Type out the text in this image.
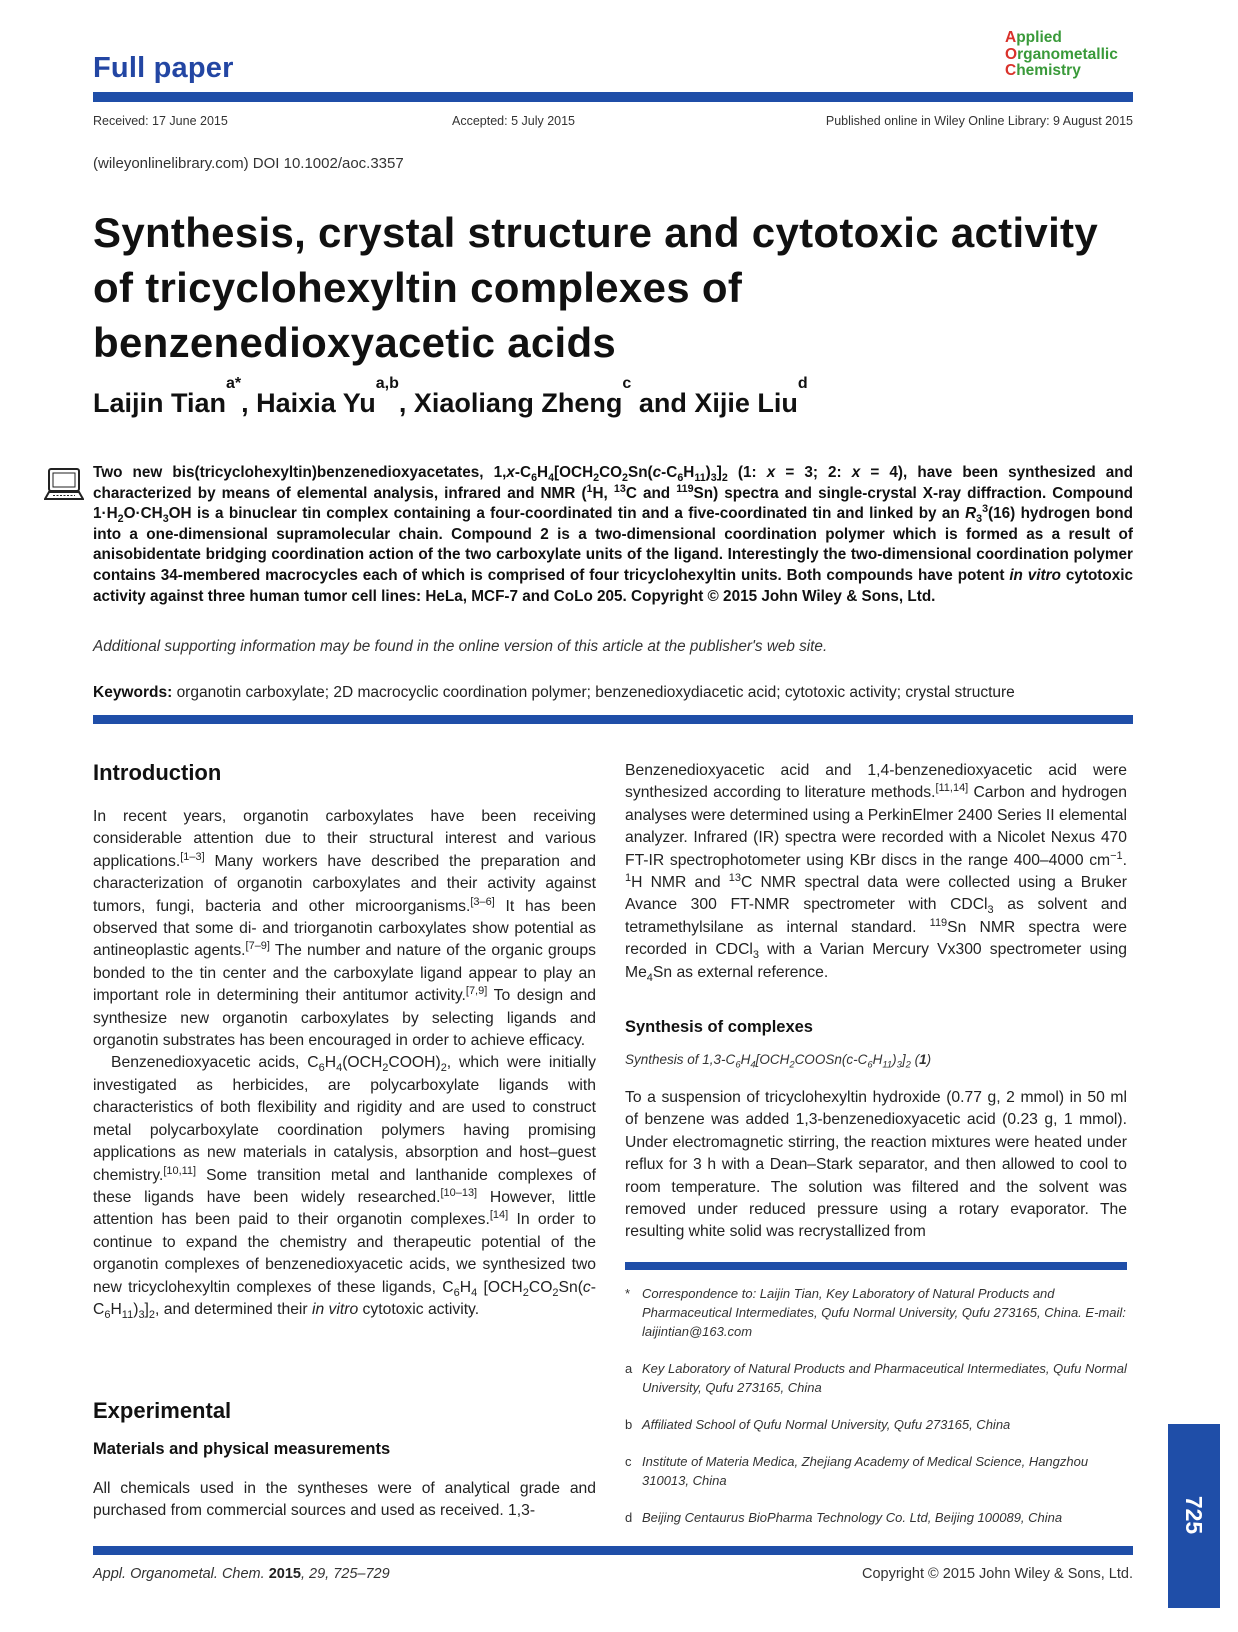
Full paper
Applied
Organometallic
Chemistry
Received: 17 June 2015	Accepted: 5 July 2015	Published online in Wiley Online Library: 9 August 2015
(wileyonlinelibrary.com) DOI 10.1002/aoc.3357
Synthesis, crystal structure and cytotoxic activity of tricyclohexyltin complexes of benzenedioxyacetic acids
Laijin Tian$^{a*}$, Haixia Yu$^{a,b}$, Xiaoliang Zheng$^c$ and Xijie Liu$^d$
Two new bis(tricyclohexyltin)benzenedioxyacetates, $1,x-C_6H_4[OCH_2CO_2Sn(c-C_6H_{11})_3]_2$ (1: x = 3; 2: x = 4), have been synthesized and characterized by means of elemental analysis, infrared and NMR ($^1$H, $^{13}$C and $^{119}$Sn) spectra and single-crystal X-ray diffraction. Compound $1\cdot H_2O\cdot CH_3OH$ is a binuclear tin complex containing a four-coordinated tin and a five-coordinated tin and linked by an $R_3^3(16)$ hydrogen bond into a one-dimensional supramolecular chain. Compound 2 is a two-dimensional coordination polymer which is formed as a result of anisobidentate bridging coordination action of the two carboxylate units of the ligand. Interestingly the two-dimensional coordination polymer contains 34-membered macrocycles each of which is comprised of four tricyclohexyltin units. Both compounds have potent in vitro cytotoxic activity against three human tumor cell lines: HeLa, MCF-7 and CoLo 205. Copyright © 2015 John Wiley & Sons, Ltd.
Additional supporting information may be found in the online version of this article at the publisher's web site.
Keywords: organotin carboxylate; 2D macrocyclic coordination polymer; benzenedioxydiacetic acid; cytotoxic activity; crystal structure
Introduction

In recent years, organotin carboxylates have been receiving considerable attention due to their structural interest and various applications.[1–3] Many workers have described the preparation and characterization of organotin carboxylates and their activity against tumors, fungi, bacteria and other microorganisms.[3–6] It has been observed that some di- and triorganotin carboxylates show potential as antineoplastic agents.[7–9] The number and nature of the organic groups bonded to the tin center and the carboxylate ligand appear to play an important role in determining their antitumor activity.[7,9] To design and synthesize new organotin carboxylates by selecting ligands and organotin substrates has been encouraged in order to achieve efficacy.

Benzenedioxyacetic acids, $C_6H_4(OCH_2COOH)_2$, which were initially investigated as herbicides, are polycarboxylate ligands with characteristics of both flexibility and rigidity and are used to construct metal polycarboxylate coordination polymers having promising applications as new materials in catalysis, absorption and host–guest chemistry.[10,11] Some transition metal and lanthanide complexes of these ligands have been widely researched.[10–13] However, little attention has been paid to their organotin complexes.[14] In order to continue to expand the chemistry and therapeutic potential of the organotin complexes of benzenedioxyacetic acids, we synthesized two new tricyclohexyltin complexes of these ligands, $C_6H_4$ $[OCH_2CO_2Sn(c-C_6H_{11})_3]_2$, and determined their in vitro cytotoxic activity.

Experimental
Materials and physical measurements

All chemicals used in the syntheses were of analytical grade and purchased from commercial sources and used as received. 1,3-

Benzenedioxyacetic acid and 1,4-benzenedioxyacetic acid were synthesized according to literature methods.[11,14] Carbon and hydrogen analyses were determined using a PerkinElmer 2400 Series II elemental analyzer. Infrared (IR) spectra were recorded with a Nicolet Nexus 470 FT-IR spectrophotometer using KBr discs in the range 400–4000 $cm^{-1}$. $^1$H NMR and $^{13}$C NMR spectral data were collected using a Bruker Avance 300 FT-NMR spectrometer with CDCl$_3$ as solvent and tetramethylsilane as internal standard. $^{119}$Sn NMR spectra were recorded in CDCl$_3$ with a Varian Mercury Vx300 spectrometer using $Me_4Sn$ as external reference.

Synthesis of complexes
Synthesis of $1,3-C_6H_4[OCH_2COOSn(c-C_6H_{11})_3]_2$ (1)

To a suspension of tricyclohexyltin hydroxide (0.77 g, 2 mmol) in 50 ml of benzene was added 1,3-benzenedioxyacetic acid (0.23 g, 1 mmol). Under electromagnetic stirring, the reaction mixtures were heated under reflux for 3 h with a Dean–Stark separator, and then allowed to cool to room temperature. The solution was filtered and the solvent was removed under reduced pressure using a rotary evaporator. The resulting white solid was recrystallized from

* Correspondence to: Laijin Tian, Key Laboratory of Natural Products and Pharmaceutical Intermediates, Qufu Normal University, Qufu 273165, China. E-mail: laijintian@163.com
a Key Laboratory of Natural Products and Pharmaceutical Intermediates, Qufu Normal University, Qufu 273165, China
b Affiliated School of Qufu Normal University, Qufu 273165, China
c Institute of Materia Medica, Zhejiang Academy of Medical Science, Hangzhou 310013, China
d Beijing Centaurus BioPharma Technology Co. Ltd, Beijing 100089, China	725
Appl. Organometal. Chem. 2015, 29, 725–729	Copyright © 2015 John Wiley & Sons, Ltd.
